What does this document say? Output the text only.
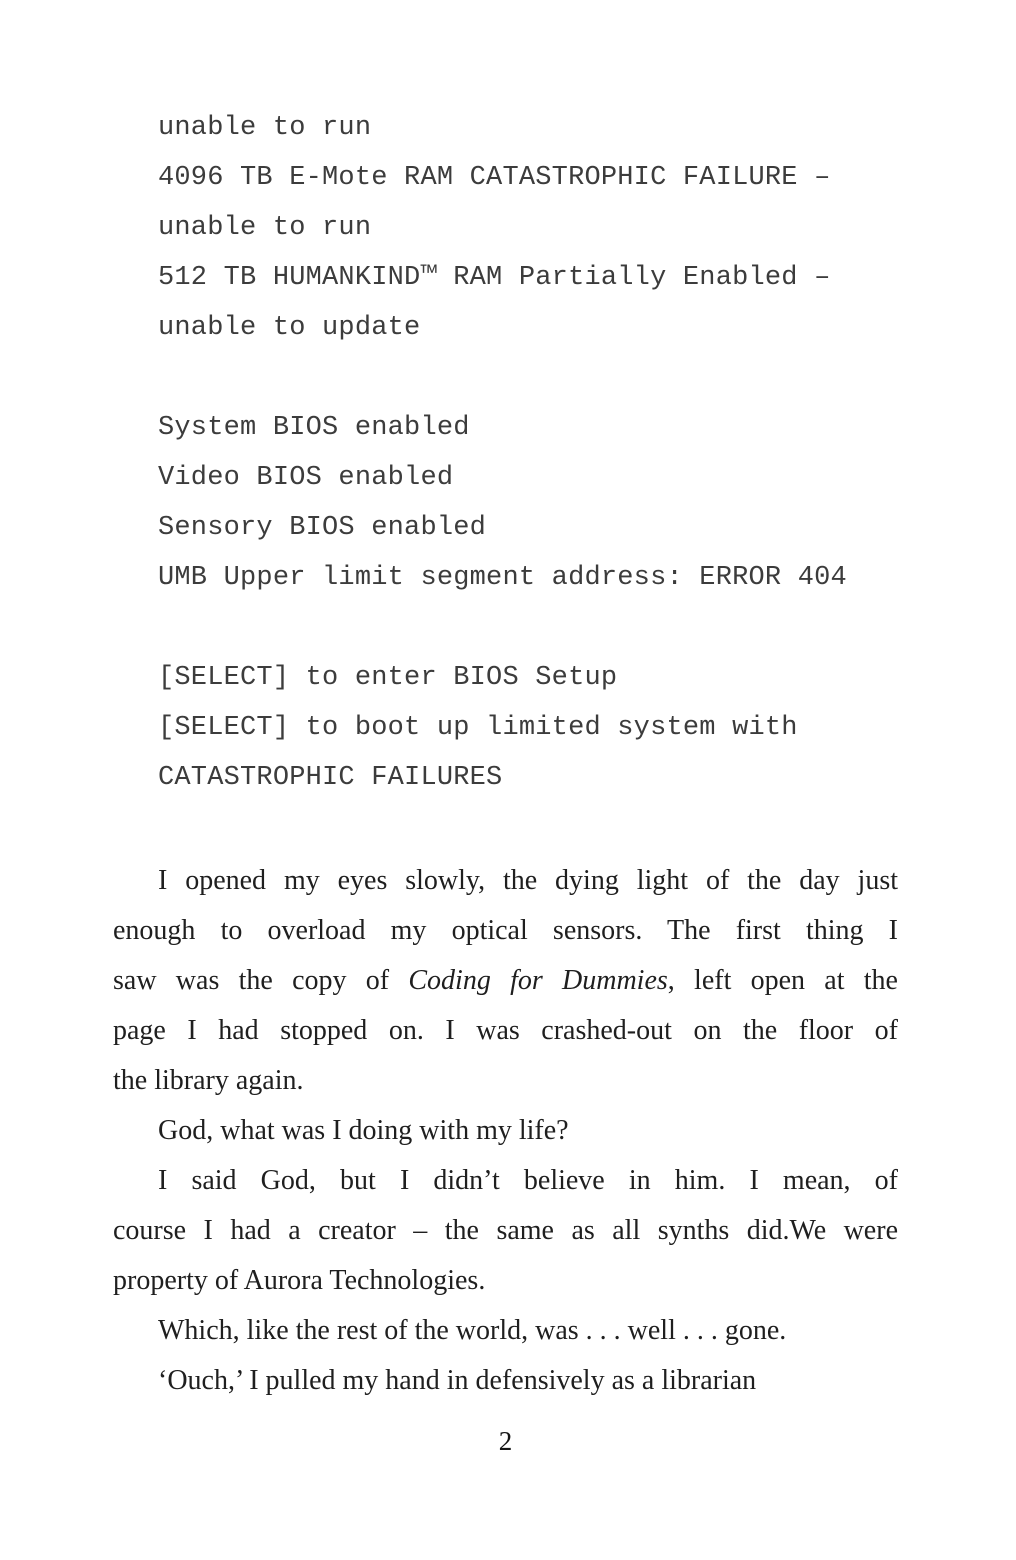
unable to run
4096 TB E-Mote RAM CATASTROPHIC FAILURE –
unable to run
512 TB HUMANKIND™ RAM Partially Enabled –
unable to update
System BIOS enabled
Video BIOS enabled
Sensory BIOS enabled
UMB Upper limit segment address: ERROR 404
[SELECT] to enter BIOS Setup
[SELECT] to boot up limited system with
CATASTROPHIC FAILURES
I opened my eyes slowly, the dying light of the day just
enough to overload my optical sensors. The first thing I
saw was the copy of Coding for Dummies, left open at the
page I had stopped on. I was crashed-out on the floor of
the library again.
God, what was I doing with my life?
I said God, but I didn’t believe in him. I mean, of
course I had a creator – the same as all synths did.We were
property of Aurora Technologies.
Which, like the rest of the world, was . . . well . . . gone.
‘Ouch,’ I pulled my hand in defensively as a librarian
2
